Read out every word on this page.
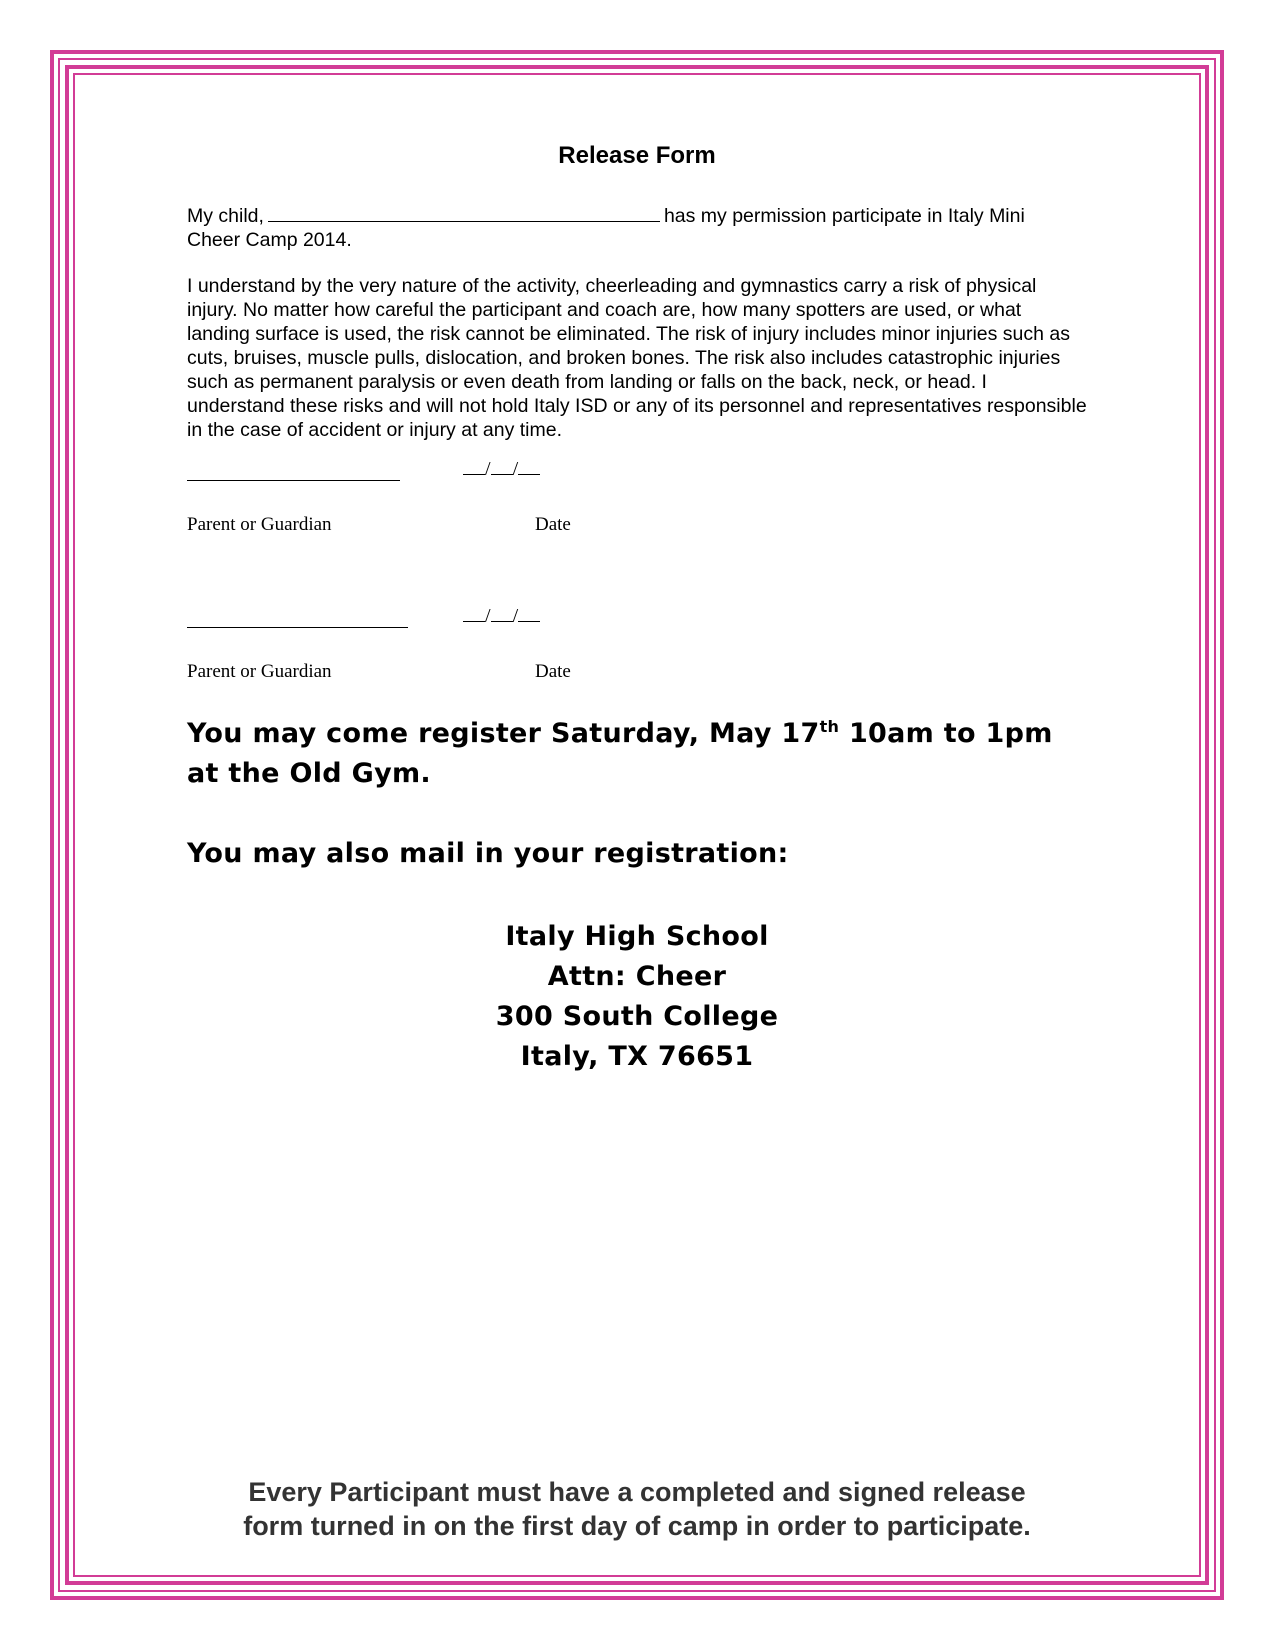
Release Form
My child,	has my permission participate in Italy Mini Cheer Camp 2014.
I understand by the very nature of the activity, cheerleading and gymnastics carry a risk of physical injury. No matter how careful the participant and coach are, how many spotters are used, or what landing surface is used, the risk cannot be eliminated. The risk of injury includes minor injuries such as cuts, bruises, muscle pulls, dislocation, and broken bones. The risk also includes catastrophic injuries such as permanent paralysis or even death from landing or falls on the back, neck, or head. I understand these risks and will not hold Italy ISD or any of its personnel and representatives responsible in the case of accident or injury at any time.
/ /
Parent or Guardian	Date
/ /
Parent or Guardian	Date
You may come register Saturday, May 17th 10am to 1pm at the Old Gym.
You may also mail in your registration:
Italy High School
Attn: Cheer
300 South College
Italy, TX 76651
Every Participant must have a completed and signed release
form turned in on the first day of camp in order to participate.
